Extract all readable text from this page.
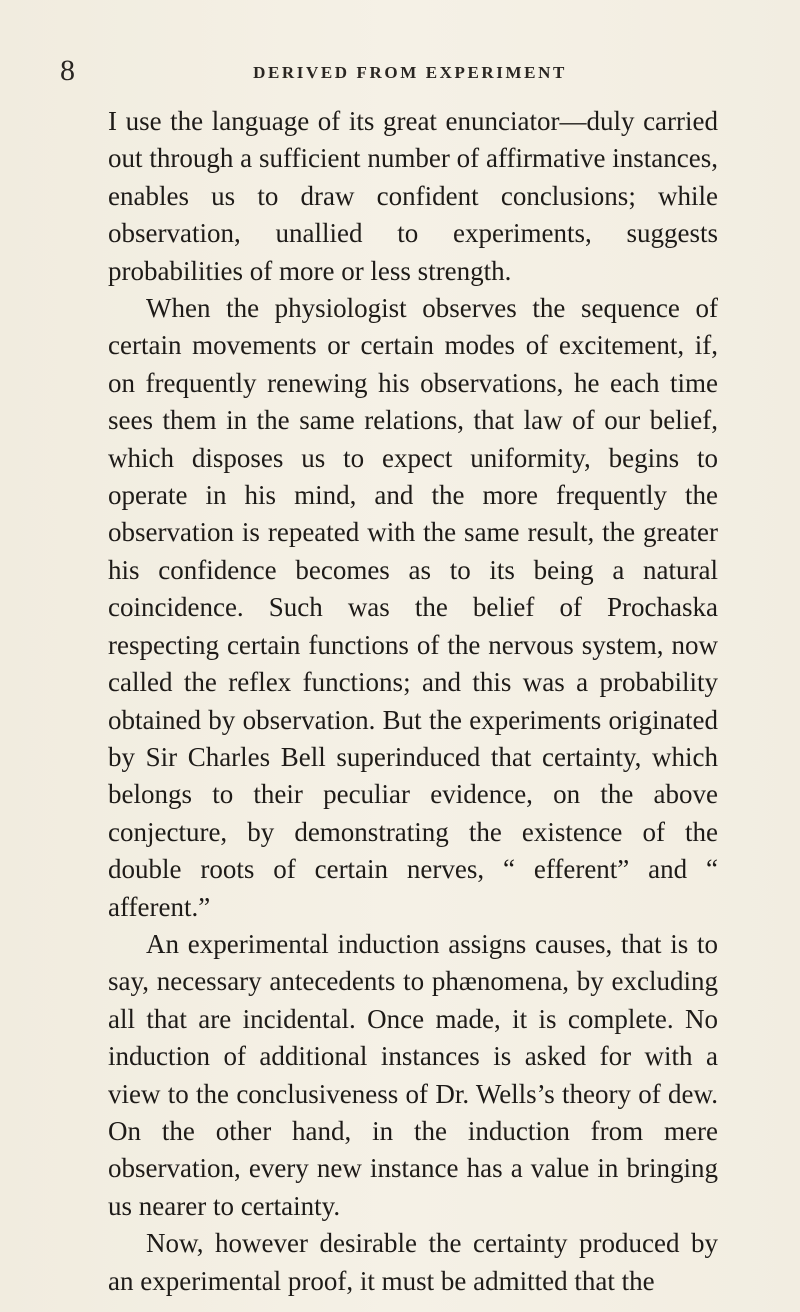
8	DERIVED FROM EXPERIMENT

I use the language of its great enunciator—duly carried out through a sufficient number of affirmative instances, enables us to draw confident conclusions; while observation, unallied to experiments, suggests probabilities of more or less strength.

When the physiologist observes the sequence of certain movements or certain modes of excitement, if, on frequently renewing his observations, he each time sees them in the same relations, that law of our belief, which disposes us to expect uniformity, begins to operate in his mind, and the more frequently the observation is repeated with the same result, the greater his confidence becomes as to its being a natural coincidence. Such was the belief of Prochaska respecting certain functions of the nervous system, now called the reflex functions; and this was a probability obtained by observation. But the experiments originated by Sir Charles Bell superinduced that certainty, which belongs to their peculiar evidence, on the above conjecture, by demonstrating the existence of the double roots of certain nerves, “ efferent” and “ afferent.”

An experimental induction assigns causes, that is to say, necessary antecedents to phænomena, by excluding all that are incidental. Once made, it is complete. No induction of additional instances is asked for with a view to the conclusiveness of Dr. Wells’s theory of dew. On the other hand, in the induction from mere observation, every new instance has a value in bringing us nearer to certainty.

Now, however desirable the certainty produced by an experimental proof, it must be admitted that the
